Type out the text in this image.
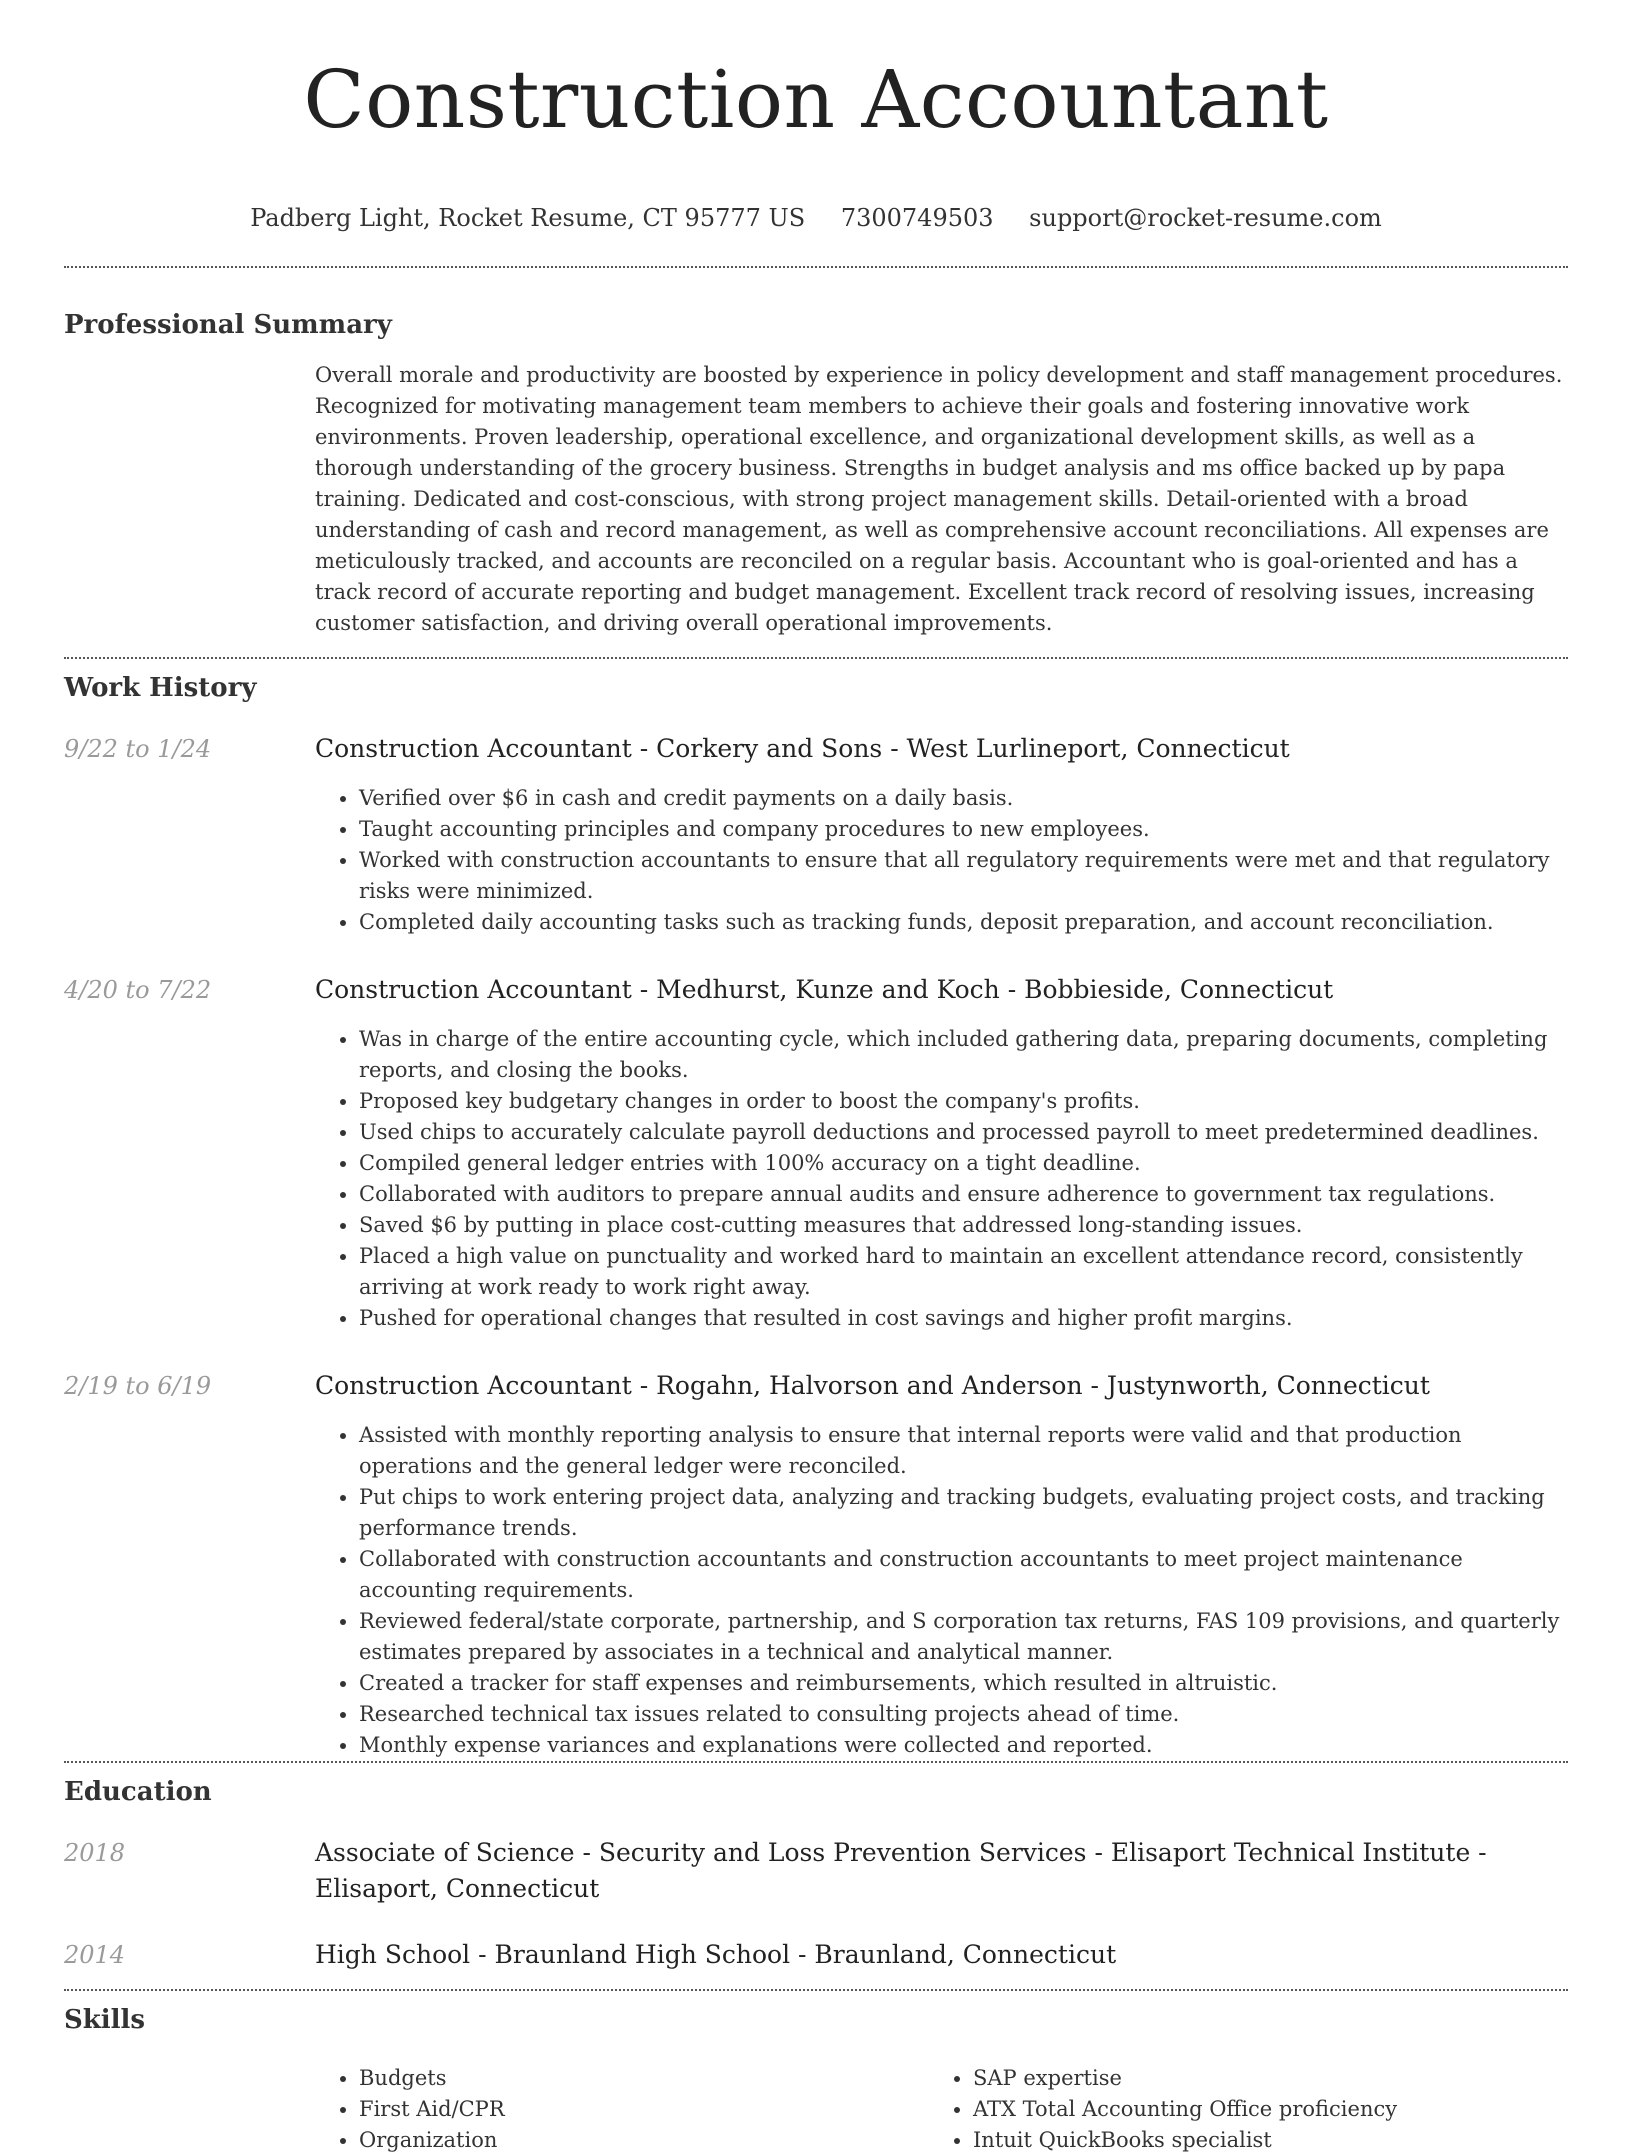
Construction Accountant
Padberg Light, Rocket Resume, CT 95777 US 7300749503 support@rocket-resume.com
Professional Summary

Overall morale and productivity are boosted by experience in policy development and staff management procedures. Recognized for motivating management team members to achieve their goals and fostering innovative work environments. Proven leadership, operational excellence, and organizational development skills, as well as a thorough understanding of the grocery business. Strengths in budget analysis and ms office backed up by papa training. Dedicated and cost-conscious, with strong project management skills. Detail-oriented with a broad understanding of cash and record management, as well as comprehensive account reconciliations. All expenses are meticulously tracked, and accounts are reconciled on a regular basis. Accountant who is goal-oriented and has a track record of accurate reporting and budget management. Excellent track record of resolving issues, increasing customer satisfaction, and driving overall operational improvements.

Work History
9/22 to 1/24	Construction Accountant - Corkery and Sons - West Lurlineport, Connecticut
• Verified over $6 in cash and credit payments on a daily basis.
• Taught accounting principles and company procedures to new employees.
• Worked with construction accountants to ensure that all regulatory requirements were met and that regulatory risks were minimized.
• Completed daily accounting tasks such as tracking funds, deposit preparation, and account reconciliation.
4/20 to 7/22	Construction Accountant - Medhurst, Kunze and Koch - Bobbieside, Connecticut
• Was in charge of the entire accounting cycle, which included gathering data, preparing documents, completing reports, and closing the books.
• Proposed key budgetary changes in order to boost the company's profits.
• Used chips to accurately calculate payroll deductions and processed payroll to meet predetermined deadlines.
• Compiled general ledger entries with 100% accuracy on a tight deadline.
• Collaborated with auditors to prepare annual audits and ensure adherence to government tax regulations.
• Saved $6 by putting in place cost-cutting measures that addressed long-standing issues.
• Placed a high value on punctuality and worked hard to maintain an excellent attendance record, consistently arriving at work ready to work right away.
• Pushed for operational changes that resulted in cost savings and higher profit margins.
2/19 to 6/19	Construction Accountant - Rogahn, Halvorson and Anderson - Justynworth, Connecticut
• Assisted with monthly reporting analysis to ensure that internal reports were valid and that production operations and the general ledger were reconciled.
• Put chips to work entering project data, analyzing and tracking budgets, evaluating project costs, and tracking performance trends.
• Collaborated with construction accountants and construction accountants to meet project maintenance accounting requirements.
• Reviewed federal/state corporate, partnership, and S corporation tax returns, FAS 109 provisions, and quarterly estimates prepared by associates in a technical and analytical manner.
• Created a tracker for staff expenses and reimbursements, which resulted in altruistic.
• Researched technical tax issues related to consulting projects ahead of time.
• Monthly expense variances and explanations were collected and reported.
Education
2018	Associate of Science - Security and Loss Prevention Services - Elisaport Technical Institute - Elisaport, Connecticut
2014	High School - Braunland High School - Braunland, Connecticut
Skills
• Budgets
• First Aid/CPR
• Organization
• SAP expertise
• ATX Total Accounting Office proficiency
• Intuit QuickBooks specialist
